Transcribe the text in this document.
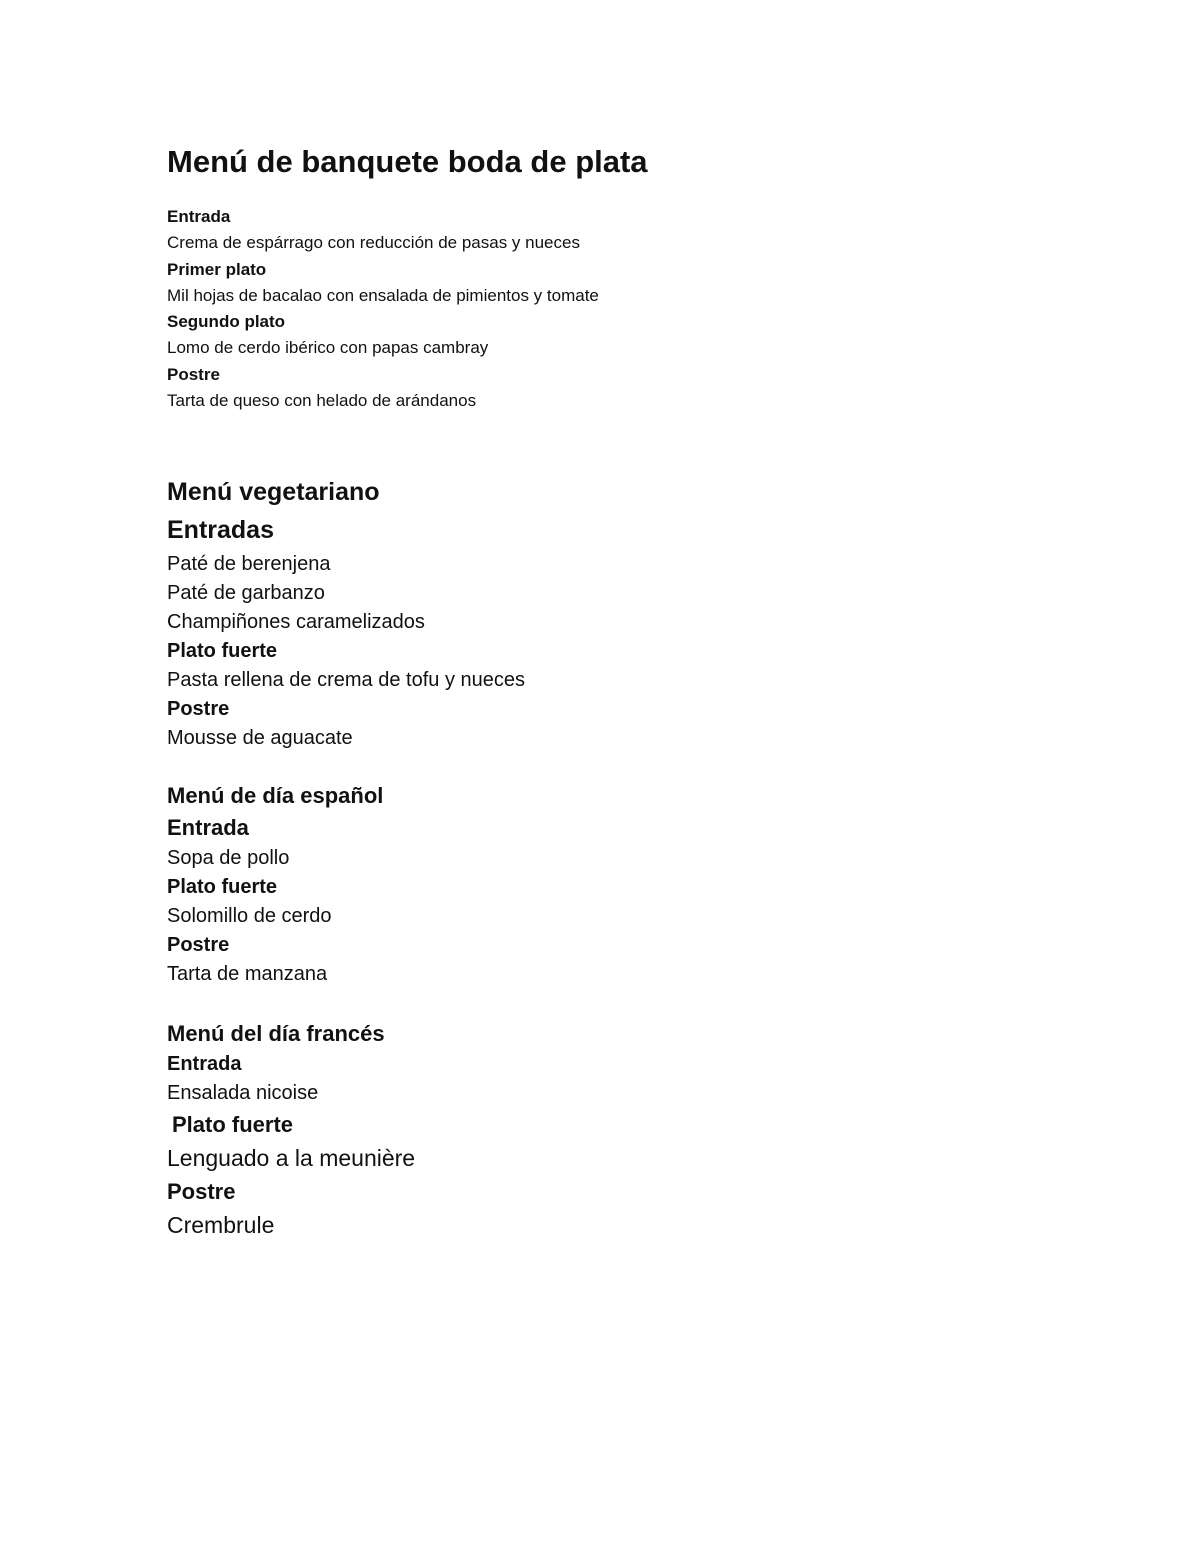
Menú de banquete boda de plata
Entrada
Crema de espárrago con reducción de pasas y nueces
Primer plato
Mil hojas de bacalao con ensalada de pimientos y tomate
Segundo plato
Lomo de cerdo ibérico con papas cambray
Postre
Tarta de queso con helado de arándanos
Menú vegetariano
Entradas
Paté de berenjena
Paté de garbanzo
Champiñones caramelizados
Plato fuerte
Pasta rellena de crema de tofu y nueces
Postre
Mousse de aguacate
Menú de día español
Entrada
Sopa de pollo
Plato fuerte
Solomillo de cerdo
Postre
Tarta de manzana
Menú del día francés
Entrada
Ensalada nicoise
Plato fuerte
Lenguado a la meunière
Postre
Crembrule
